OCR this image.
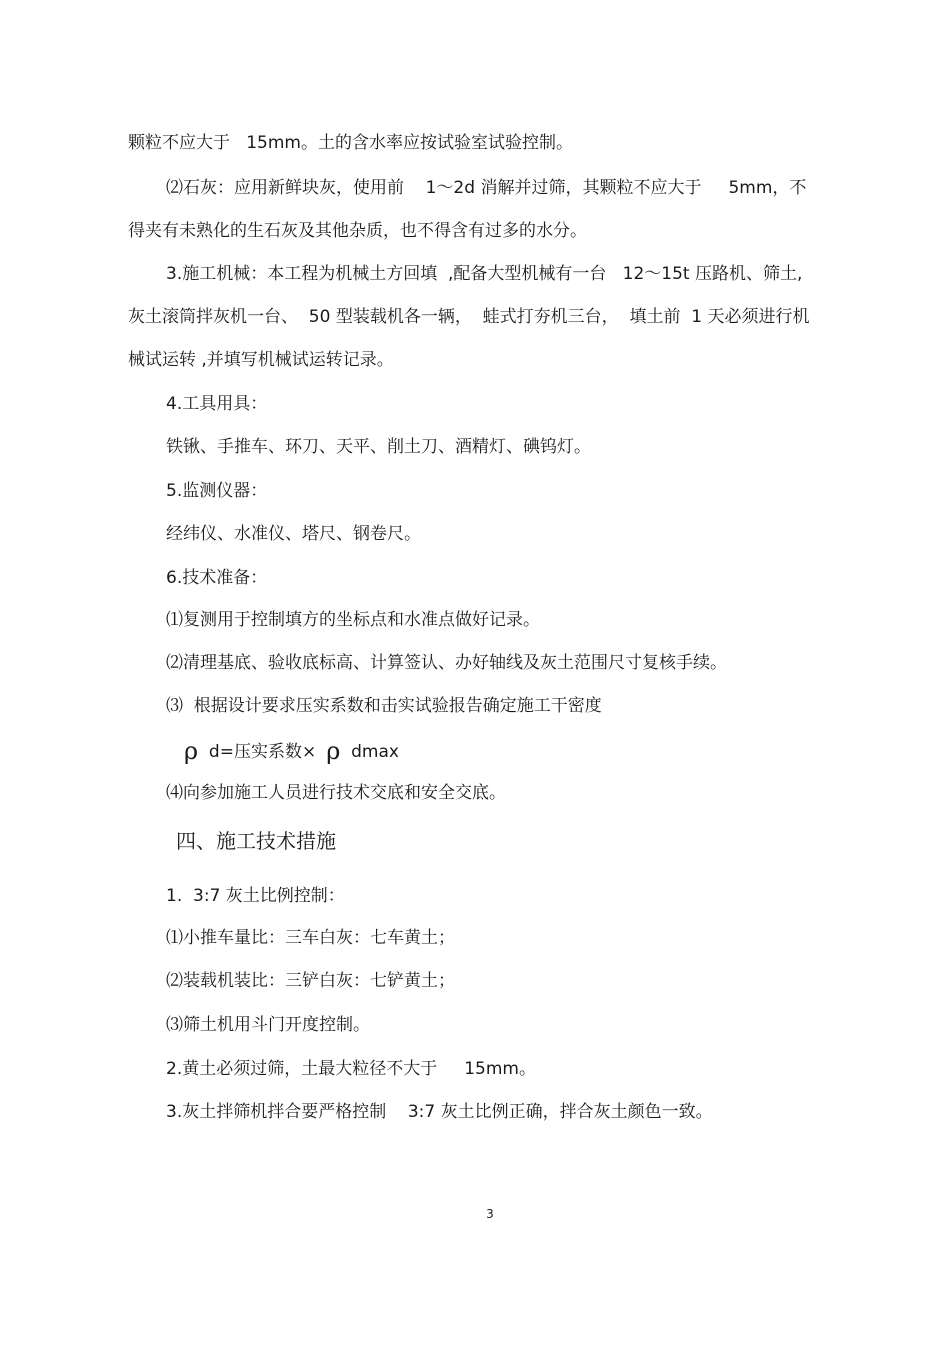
颗粒不应大于   15mm。土的含水率应按试验室试验控制。

⑵石灰：应用新鲜块灰，使用前    1～2d 消解并过筛，其颗粒不应大于     5mm，不

得夹有未熟化的生石灰及其他杂质，也不得含有过多的水分。

3.施工机械：本工程为机械土方回填  ,配备大型机械有一台   12～15t 压路机、筛土,

灰土滚筒拌灰机一台、  50 型装载机各一辆，  蛙式打夯机三台，  填土前  1 天必须进行机

械试运转 ,并填写机械试运转记录。

4.工具用具：

铁锹、手推车、环刀、天平、削土刀、酒精灯、碘钨灯。

5.监测仪器：

经纬仪、水准仪、塔尺、钢卷尺。

6.技术准备：

⑴复测用于控制填方的坐标点和水准点做好记录。

⑵清理基底、验收底标高、计算签认、办好轴线及灰土范围尺寸复核手续。

⑶  根据设计要求压实系数和击实试验报告确定施工干密度

ρ  d=压实系数× ρ  dmax

⑷向参加施工人员进行技术交底和安全交底。

四、施工技术措施

1.  3:7 灰土比例控制：

⑴小推车量比：三车白灰：七车黄土；

⑵装载机装比：三铲白灰：七铲黄土；

⑶筛土机用斗门开度控制。

2.黄土必须过筛，土最大粒径不大于     15mm。

3.灰土拌筛机拌合要严格控制    3:7 灰土比例正确，拌合灰土颜色一致。

3
